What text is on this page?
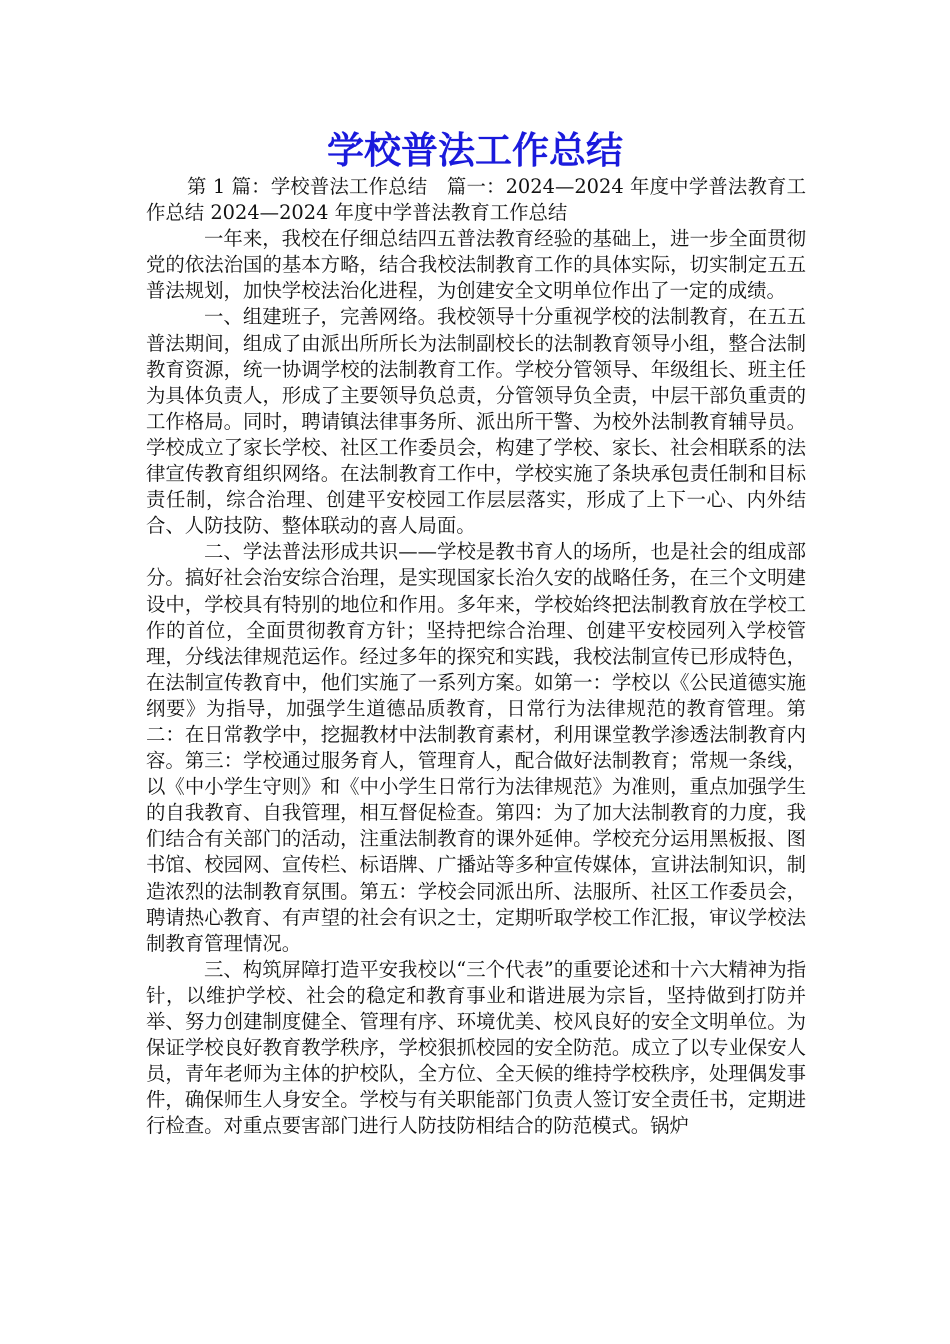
学校普法工作总结

第 1 篇：学校普法工作总结　篇一：2024—2024 年度中学普法教育工作总结 2024—2024 年度中学普法教育工作总结

一年来，我校在仔细总结四五普法教育经验的基础上，进一步全面贯彻党的依法治国的基本方略，结合我校法制教育工作的具体实际，切实制定五五普法规划，加快学校法治化进程，为创建安全文明单位作出了一定的成绩。

一、组建班子，完善网络。我校领导十分重视学校的法制教育，在五五普法期间，组成了由派出所所长为法制副校长的法制教育领导小组，整合法制教育资源，统一协调学校的法制教育工作。学校分管领导、年级组长、班主任为具体负责人，形成了主要领导负总责，分管领导负全责，中层干部负重责的工作格局。同时，聘请镇法律事务所、派出所干警、为校外法制教育辅导员。学校成立了家长学校、社区工作委员会，构建了学校、家长、社会相联系的法律宣传教育组织网络。在法制教育工作中，学校实施了条块承包责任制和目标责任制，综合治理、创建平安校园工作层层落实，形成了上下一心、内外结合、人防技防、整体联动的喜人局面。

二、学法普法形成共识——学校是教书育人的场所，也是社会的组成部分。搞好社会治安综合治理，是实现国家长治久安的战略任务，在三个文明建设中，学校具有特别的地位和作用。多年来，学校始终把法制教育放在学校工作的首位，全面贯彻教育方针；坚持把综合治理、创建平安校园列入学校管理，分线法律规范运作。经过多年的探究和实践，我校法制宣传已形成特色，在法制宣传教育中，他们实施了一系列方案。如第一：学校以《公民道德实施纲要》为指导，加强学生道德品质教育，日常行为法律规范的教育管理。第二：在日常教学中，挖掘教材中法制教育素材，利用课堂教学渗透法制教育内容。第三：学校通过服务育人，管理育人，配合做好法制教育；常规一条线，以《中小学生守则》和《中小学生日常行为法律规范》为准则，重点加强学生的自我教育、自我管理，相互督促检查。第四：为了加大法制教育的力度，我们结合有关部门的活动，注重法制教育的课外延伸。学校充分运用黑板报、图书馆、校园网、宣传栏、标语牌、广播站等多种宣传媒体，宣讲法制知识，制造浓烈的法制教育氛围。第五：学校会同派出所、法服所、社区工作委员会，聘请热心教育、有声望的社会有识之士，定期听取学校工作汇报，审议学校法制教育管理情况。

三、构筑屏障打造平安我校以“三个代表”的重要论述和十六大精神为指针，以维护学校、社会的稳定和教育事业和谐进展为宗旨，坚持做到打防并举、努力创建制度健全、管理有序、环境优美、校风良好的安全文明单位。为保证学校良好教育教学秩序，学校狠抓校园的安全防范。成立了以专业保安人员，青年老师为主体的护校队，全方位、全天候的维持学校秩序，处理偶发事件，确保师生人身安全。学校与有关职能部门负责人签订安全责任书，定期进行检查。对重点要害部门进行人防技防相结合的防范模式。锅炉
